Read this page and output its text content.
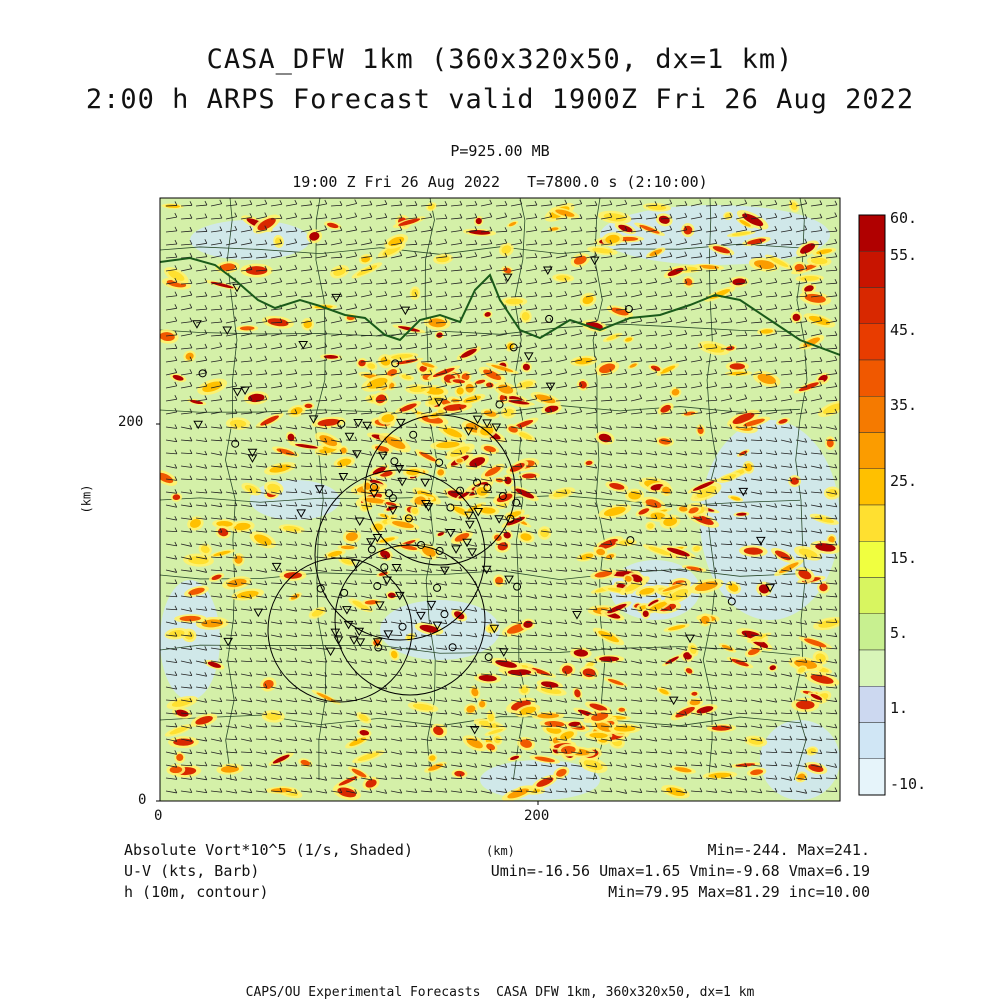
CASA_DFW 1km (360x320x50, dx=1 km)
2:00 h ARPS Forecast valid 1900Z Fri 26 Aug 2022
P=925.00 MB
19:00 Z Fri 26 Aug 2022   T=7800.0 s (2:10:00)
200
0
0	200
(km)
60.
55.
45.
35.
25.
15.
5.
1.
-10.
Absolute Vort*10^5 (1/s, Shaded)
U-V (kts, Barb)
h (10m, contour)
(km)	Min=-244. Max=241.
Umin=-16.56 Umax=1.65 Vmin=-9.68 Vmax=6.19
Min=79.95 Max=81.29 inc=10.00
CAPS/OU Experimental Forecasts  CASA DFW 1km, 360x320x50, dx=1 km
